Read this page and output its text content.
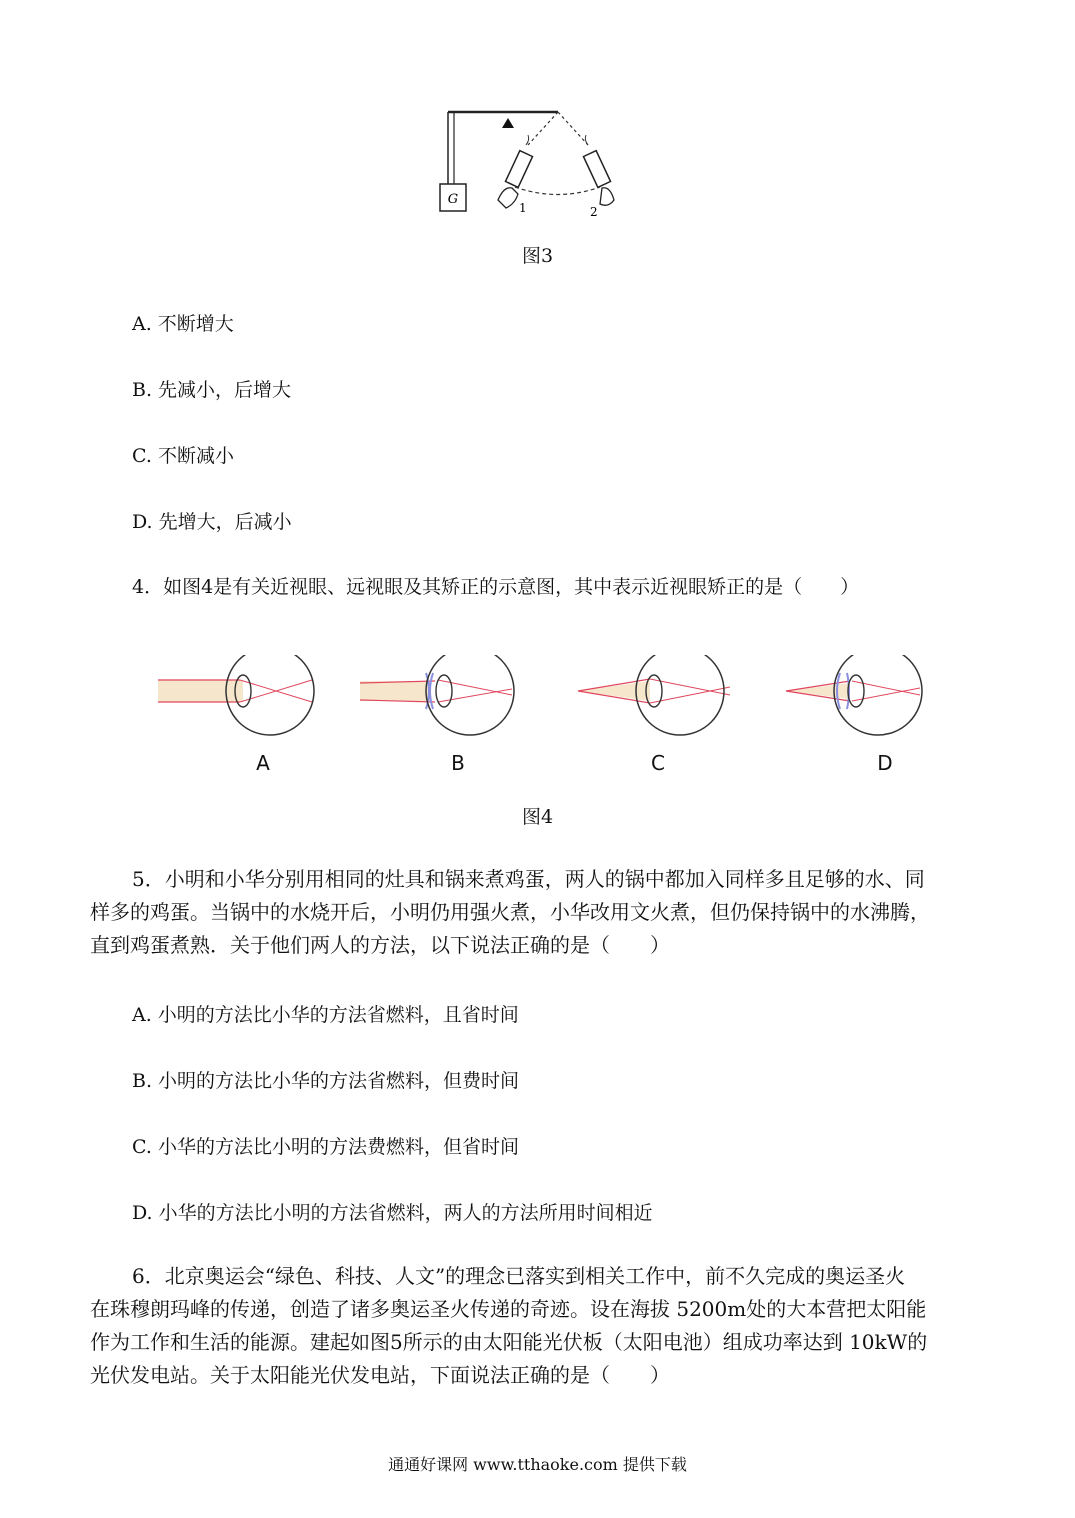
G
1	2
图3
A. 不断增大
B. 先减小，后增大
C. 不断减小
D. 先增大，后减小
4．如图4是有关近视眼、远视眼及其矫正的示意图，其中表示近视眼矫正的是（　　）
A	B	C	D
图4

5．小明和小华分别用相同的灶具和锅来煮鸡蛋，两人的锅中都加入同样多且足够的水、同

样多的鸡蛋。当锅中的水烧开后，小明仍用强火煮，小华改用文火煮，但仍保持锅中的水沸腾，

直到鸡蛋煮熟．关于他们两人的方法，以下说法正确的是（　　）

A. 小明的方法比小华的方法省燃料，且省时间
B. 小明的方法比小华的方法省燃料，但费时间
C. 小华的方法比小明的方法费燃料，但省时间
D. 小华的方法比小明的方法省燃料，两人的方法所用时间相近

6．北京奥运会“绿色、科技、人文”的理念已落实到相关工作中，前不久完成的奥运圣火

在珠穆朗玛峰的传递，创造了诸多奥运圣火传递的奇迹。设在海拔 5200m处的大本营把太阳能

作为工作和生活的能源。建起如图5所示的由太阳能光伏板（太阳电池）组成功率达到 10kW的

光伏发电站。关于太阳能光伏发电站，下面说法正确的是（　　）

通通好课网 www.tthaoke.com 提供下载
